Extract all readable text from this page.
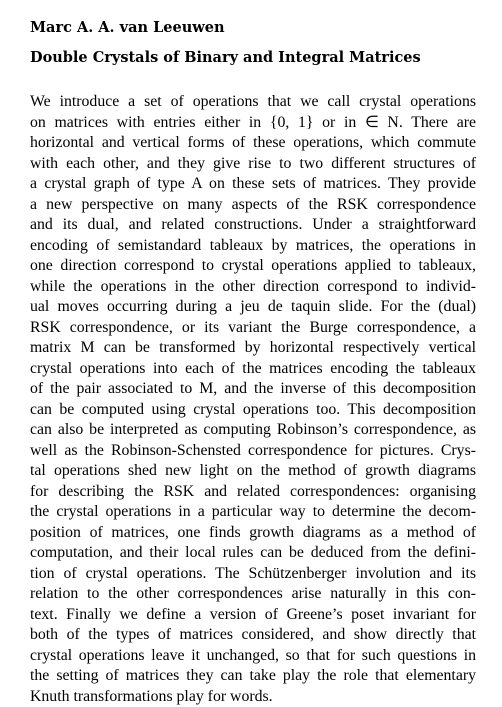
Marc A. A. van Leeuwen
Double Crystals of Binary and Integral Matrices
We introduce a set of operations that we call crystal operations
on matrices with entries either in {0, 1} or in ∈ N. There are
horizontal and vertical forms of these operations, which commute
with each other, and they give rise to two different structures of
a crystal graph of type A on these sets of matrices. They provide
a new perspective on many aspects of the RSK correspondence
and its dual, and related constructions. Under a straightforward
encoding of semistandard tableaux by matrices, the operations in
one direction correspond to crystal operations applied to tableaux,
while the operations in the other direction correspond to individ-
ual moves occurring during a jeu de taquin slide. For the (dual)
RSK correspondence, or its variant the Burge correspondence, a
matrix M can be transformed by horizontal respectively vertical
crystal operations into each of the matrices encoding the tableaux
of the pair associated to M, and the inverse of this decomposition
can be computed using crystal operations too. This decomposition
can also be interpreted as computing Robinson’s correspondence, as
well as the Robinson-Schensted correspondence for pictures. Crys-
tal operations shed new light on the method of growth diagrams
for describing the RSK and related correspondences: organising
the crystal operations in a particular way to determine the decom-
position of matrices, one finds growth diagrams as a method of
computation, and their local rules can be deduced from the defini-
tion of crystal operations. The Schützenberger involution and its
relation to the other correspondences arise naturally in this con-
text. Finally we define a version of Greene’s poset invariant for
both of the types of matrices considered, and show directly that
crystal operations leave it unchanged, so that for such questions in
the setting of matrices they can take play the role that elementary
Knuth transformations play for words.
